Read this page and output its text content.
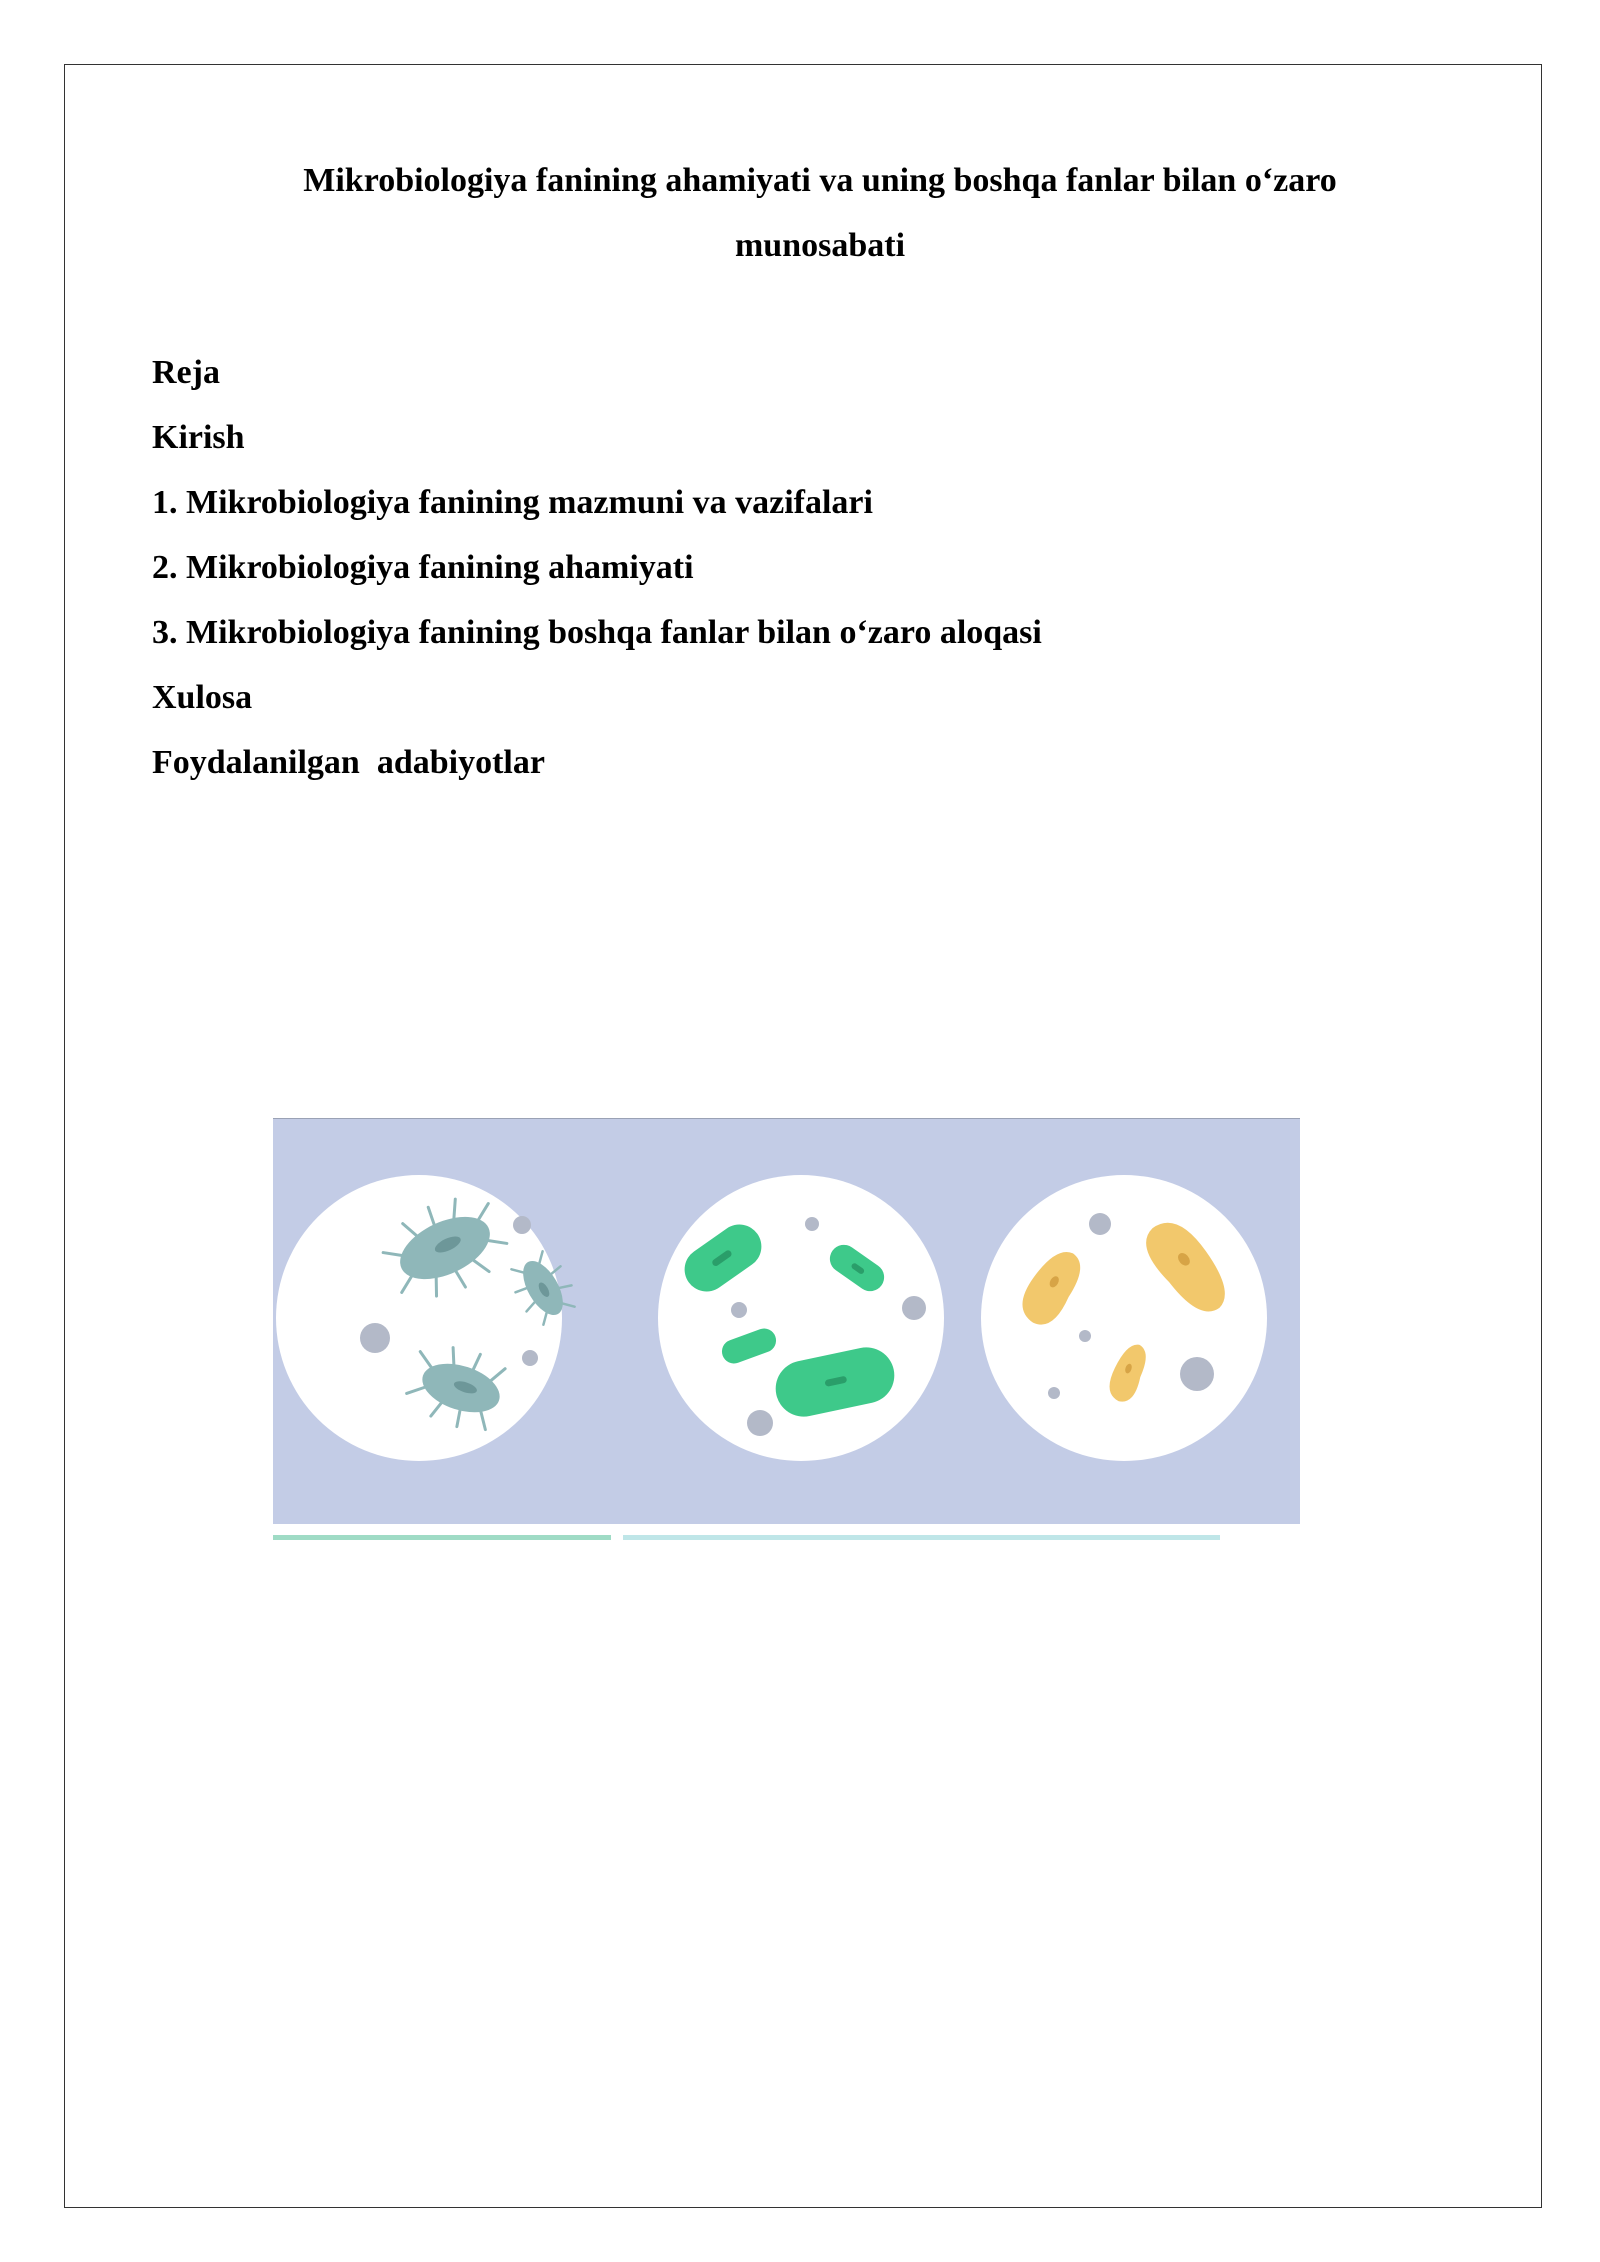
Mikrobiologiya fanining ahamiyati va uning boshqa fanlar bilan o‘zaro
munosabati
Reja
Kirish
1. Mikrobiologiya fanining mazmuni va vazifalari
2. Mikrobiologiya fanining ahamiyati
3. Mikrobiologiya fanining boshqa fanlar bilan o‘zaro aloqasi
Xulosa
Foydalanilgan  adabiyotlar
